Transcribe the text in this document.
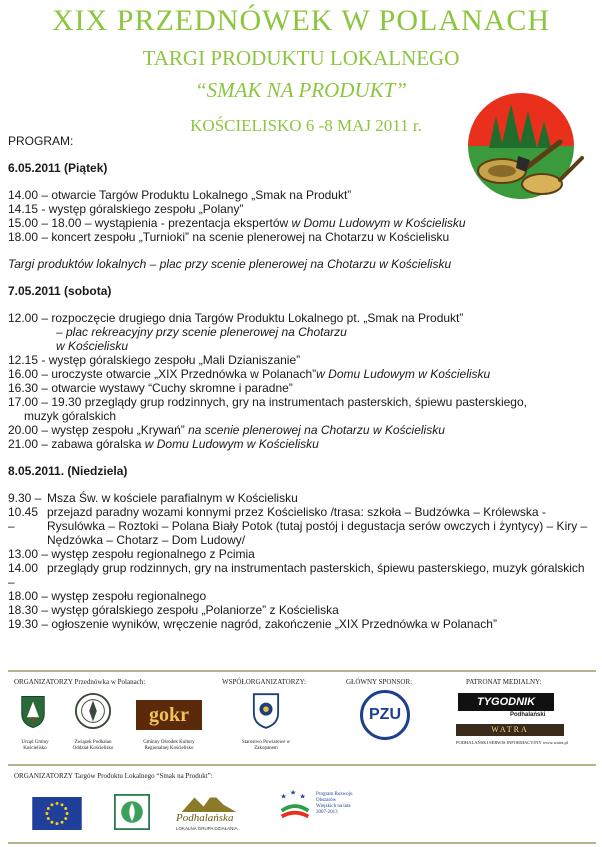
XIX PRZEDNÓWEK W POLANACH
TARGI PRODUKTU LOKALNEGO
“SMAK NA PRODUKT”
KOŚCIELISKO 6 -8 MAJ 2011 r.
PROGRAM:
6.05.2011 (Piątek)
14.00 – otwarcie Targów Produktu Lokalnego „Smak na Produkt”
14.15 - występ góralskiego zespołu „Polany”
15.00 – 18.00 – wystąpienia - prezentacja ekspertów w Domu Ludowym w Kościelisku
18.00 – koncert zespołu „Turnioki” na scenie plenerowej na Chotarzu w Kościelisku
Targi produktów lokalnych – plac przy scenie plenerowej na Chotarzu w Kościelisku
7.05.2011 (sobota)
12.00 – rozpoczęcie drugiego dnia Targów Produktu Lokalnego pt. „Smak na Produkt”
– plac rekreacyjny przy scenie plenerowej na Chotarzu
w Kościelisku
12.15 - występ góralskiego zespołu „Mali Dzianiszanie”
16.00 – uroczyste otwarcie „XIX Przednówka w Polanach”w Domu Ludowym w Kościelisku
16.30 – otwarcie wystawy “Cuchy skromne i paradne”
17.00 – 19.30 przeglądy grup rodzinnych, gry na instrumentach pasterskich, śpiewu pasterskiego,
muzyk góralskich
20.00 – występ zespołu „Krywań” na scenie plenerowej na Chotarzu w Kościelisku
21.00 – zabawa góralska w Domu Ludowym w Kościelisku
8.05.2011. (Niedziela)
9.30 – Msza Św. w kościele parafialnym w Kościelisku
10.45 –
przejazd paradny wozami konnymi przez Kościelisko /trasa: szkoła – Budzówka – Królewska - Rysulówka – Roztoki – Polana Biały Potok (tutaj postój i degustacja serów owczych i żyntycy) – Kiry – Nędzówka – Chotarz – Dom Ludowy/
13.00 – występ zespołu regionalnego z Pcimia
14.00 –
przeglądy grup rodzinnych, gry na instrumentach pasterskich, śpiewu pasterskiego, muzyk góralskich
18.00 – występ zespołu regionalnego
18.30 – występ góralskiego zespołu „Polaniorze” z Kościeliska
19.30 – ogłoszenie wyników, wręczenie nagród, zakończenie „XIX Przednówka w Polanach”
ORGANIZATORZY Przednówka w Polanach:	WSPÓŁORGANIZATORZY:	GŁÓWNY SPONSOR:	PATRONAT MEDIALNY:
Urząd Gminy Kościelisko
Związek Podhalan Oddział Kościelisko
gokr
Gminny Ośrodek Kultury Regionalnej Kościelisko
Starostwo Powiatowe w Zakopanem
PZU
TYGODNIK
Podhalański
WATRA
PODHALAŃSKI SERWIS INFORMACYJNY www.watra.pl
ORGANIZATORZY Targów Produktu Lokalnego “Smak na Produkt”:
Podhalańska
LOKALNA GRUPA DZIAŁANIA
Program Rozwoju Obszarów Wiejskich na lata 2007-2013
